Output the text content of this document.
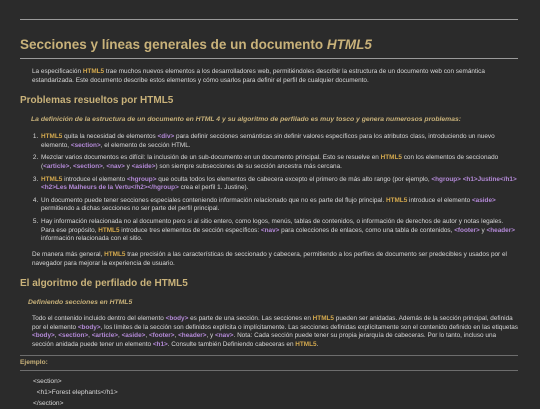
Secciones y líneas generales de un documento HTML5

La especificación HTML5 trae muchos nuevos elementos a los desarrolladores web, permitiéndoles describir la estructura de un documento web con semántica estandarizada. Este documento describe estos elementos y cómo usarlos para definir el perfil de cualquier documento.

Problemas resueltos por HTML5
La definición de la estructura de un documento en HTML 4 y su algoritmo de perfilado es muy tosco y genera numerosos problemas:
1. HTML5 quita la necesidad de elementos <div> para definir secciones semánticas sin definir valores específicos para los atributos class, introduciendo un nuevo elemento, <section>, el elemento de sección HTML.
2. Mezclar varios documentos es difícil: la inclusión de un sub-documento en un documento principal. Esto se resuelve en HTML5 con los elementos de seccionado (<article>, <section>, <nav> y <aside>) son siempre subsecciones de su sección ancestra más cercana.
3. HTML5 introduce el elemento <hgroup> que oculta todos los elementos de cabecera excepto el primero de más alto rango (por ejemplo, <hgroup> <h1>Justine</h1> <h2>Les Malheurs de la Vertu</h2></hgroup> crea el perfil 1. Justine).
4. Un documento puede tener secciones especiales conteniendo información relacionado que no es parte del flujo principal. HTML5 introduce el elemento <aside> permitiendo a dichas secciones no ser parte del perfil principal.
5. Hay información relacionada no al documento pero si al sitio entero, como logos, menús, tablas de contenidos, o información de derechos de autor y notas legales. Para ese propósito, HTML5 introduce tres elementos de sección específicos: <nav> para colecciones de enlaces, como una tabla de contenidos, <footer> y <header> información relacionada con el sitio.

De manera más general, HTML5 trae precisión a las características de seccionado y cabecera, permitiendo a los perfiles de documento ser predecibles y usados por el navegador para mejorar la experiencia de usuario.

El algoritmo de perfilado de HTML5
Definiendo secciones en HTML5

Todo el contenido incluido dentro del elemento <body> es parte de una sección. Las secciones en HTML5 pueden ser anidadas. Además de la sección principal, definida por el elemento <body>, los límites de la sección son definidos explícita o implícitamente. Las secciones definidas explícitamente son el contenido definido en las etiquetas <body>, <section>, <article>, <aside>, <footer>, <header>, y <nav>. Nota: Cada sección puede tener su propia jerarquía de cabeceras. Por lo tanto, incluso una sección anidada puede tener un elemento <h1>. Consulte también Definiendo cabeceras en HTML5.

Ejemplo:
<section>
<h1>Forest elephants</h1>
</section>
